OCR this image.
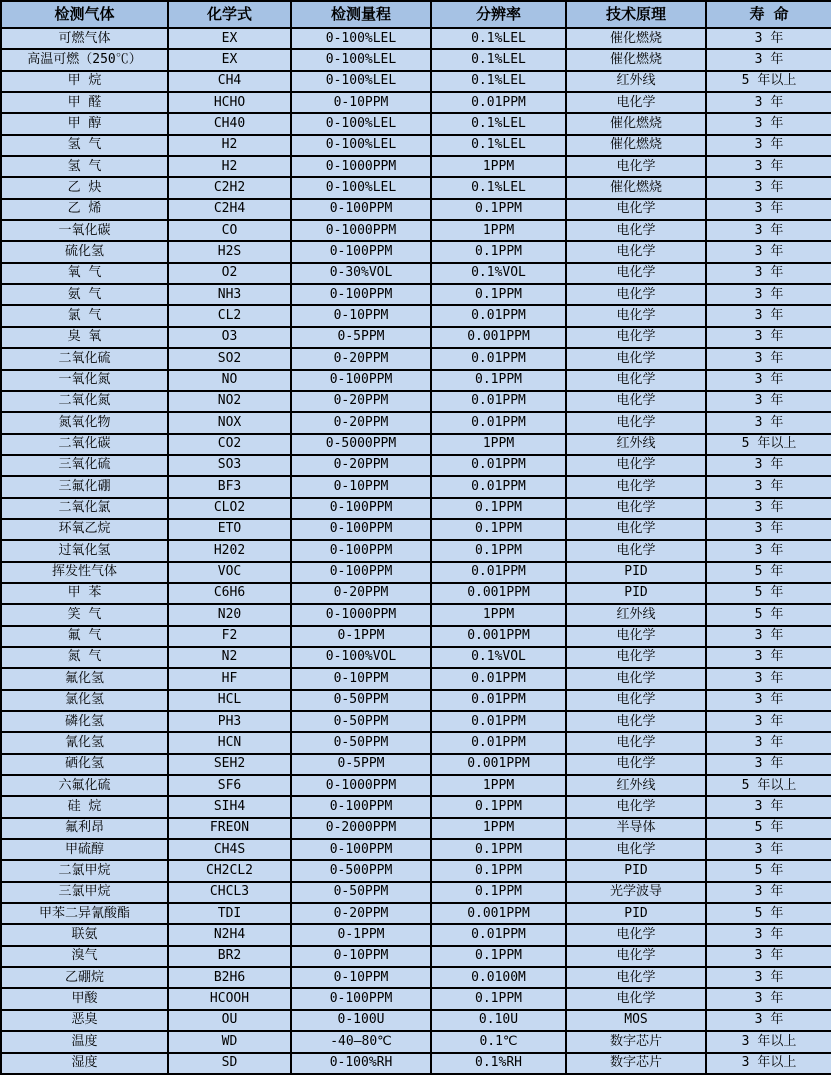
检测气体	化学式	检测量程	分辨率	技术原理	寿 命
可燃气体	EX	0-100%LEL	0.1%LEL	催化燃烧	3 年
高温可燃（250℃）	EX	0-100%LEL	0.1%LEL	催化燃烧	3 年
甲 烷	CH4	0-100%LEL	0.1%LEL	红外线	5 年以上
甲 醛	HCHO	0-10PPM	0.01PPM	电化学	3 年
甲 醇	CH40	0-100%LEL	0.1%LEL	催化燃烧	3 年
氢 气	H2	0-100%LEL	0.1%LEL	催化燃烧	3 年
氢 气	H2	0-1000PPM	1PPM	电化学	3 年
乙 炔	C2H2	0-100%LEL	0.1%LEL	催化燃烧	3 年
乙 烯	C2H4	0-100PPM	0.1PPM	电化学	3 年
一氧化碳	CO	0-1000PPM	1PPM	电化学	3 年
硫化氢	H2S	0-100PPM	0.1PPM	电化学	3 年
氧 气	O2	0-30%VOL	0.1%VOL	电化学	3 年
氨 气	NH3	0-100PPM	0.1PPM	电化学	3 年
氯 气	CL2	0-10PPM	0.01PPM	电化学	3 年
臭 氧	O3	0-5PPM	0.001PPM	电化学	3 年
二氧化硫	SO2	0-20PPM	0.01PPM	电化学	3 年
一氧化氮	NO	0-100PPM	0.1PPM	电化学	3 年
二氧化氮	NO2	0-20PPM	0.01PPM	电化学	3 年
氮氧化物	NOX	0-20PPM	0.01PPM	电化学	3 年
二氧化碳	CO2	0-5000PPM	1PPM	红外线	5 年以上
三氧化硫	SO3	0-20PPM	0.01PPM	电化学	3 年
三氟化硼	BF3	0-10PPM	0.01PPM	电化学	3 年
二氧化氯	CLO2	0-100PPM	0.1PPM	电化学	3 年
环氧乙烷	ETO	0-100PPM	0.1PPM	电化学	3 年
过氧化氢	H202	0-100PPM	0.1PPM	电化学	3 年
挥发性气体	VOC	0-100PPM	0.01PPM	PID	5 年
甲 苯	C6H6	0-20PPM	0.001PPM	PID	5 年
笑 气	N20	0-1000PPM	1PPM	红外线	5 年
氟 气	F2	0-1PPM	0.001PPM	电化学	3 年
氮 气	N2	0-100%VOL	0.1%VOL	电化学	3 年
氟化氢	HF	0-10PPM	0.01PPM	电化学	3 年
氯化氢	HCL	0-50PPM	0.01PPM	电化学	3 年
磷化氢	PH3	0-50PPM	0.01PPM	电化学	3 年
氰化氢	HCN	0-50PPM	0.01PPM	电化学	3 年
硒化氢	SEH2	0-5PPM	0.001PPM	电化学	3 年
六氟化硫	SF6	0-1000PPM	1PPM	红外线	5 年以上
硅 烷	SIH4	0-100PPM	0.1PPM	电化学	3 年
氟利昂	FREON	0-2000PPM	1PPM	半导体	5 年
甲硫醇	CH4S	0-100PPM	0.1PPM	电化学	3 年
二氯甲烷	CH2CL2	0-500PPM	0.1PPM	PID	5 年
三氯甲烷	CHCL3	0-50PPM	0.1PPM	光学波导	3 年
甲苯二异氰酸酯	TDI	0-20PPM	0.001PPM	PID	5 年
联氨	N2H4	0-1PPM	0.01PPM	电化学	3 年
溴气	BR2	0-10PPM	0.1PPM	电化学	3 年
乙硼烷	B2H6	0-10PPM	0.0100M	电化学	3 年
甲酸	HCOOH	0-100PPM	0.1PPM	电化学	3 年
恶臭	OU	0-100U	0.10U	MOS	3 年
温度	WD	-40—80℃	0.1℃	数字芯片	3 年以上
湿度	SD	0-100%RH	0.1%RH	数字芯片	3 年以上
